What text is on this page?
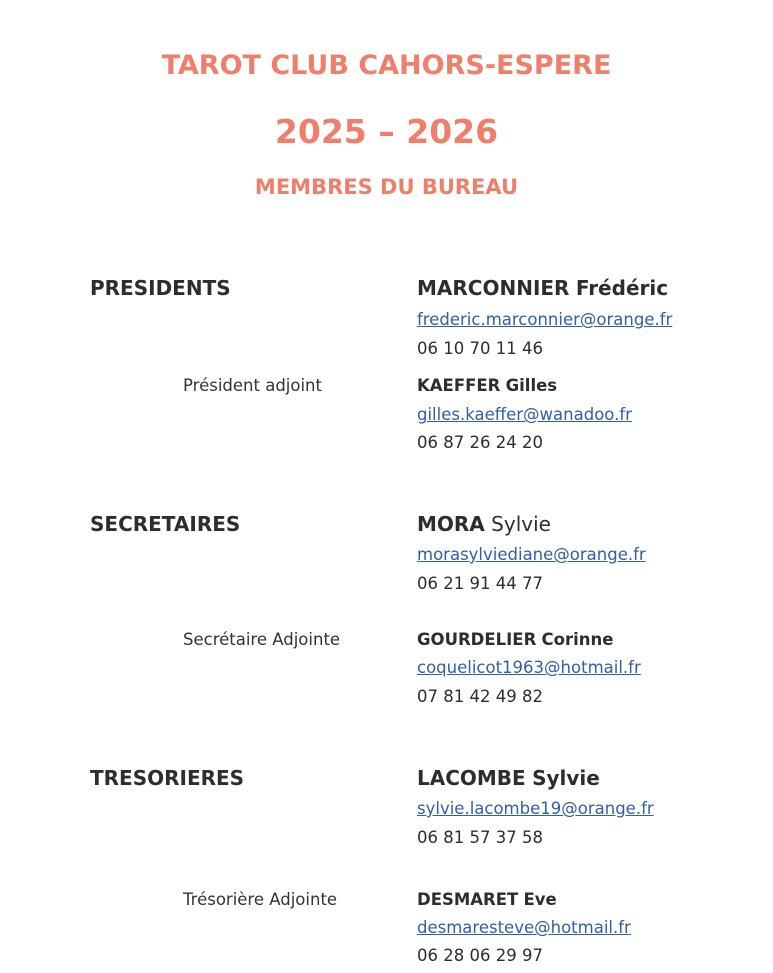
TAROT CLUB CAHORS-ESPERE
2025 – 2026
MEMBRES DU BUREAU
PRESIDENTS	MARCONNIER Frédéric
frederic.marconnier@orange.fr
06 10 70 11 46
Président adjoint	KAEFFER Gilles
gilles.kaeffer@wanadoo.fr
06 87 26 24 20
SECRETAIRES	MORA Sylvie
morasylviediane@orange.fr
06 21 91 44 77
Secrétaire Adjointe	GOURDELIER Corinne
coquelicot1963@hotmail.fr
07 81 42 49 82
TRESORIERES	LACOMBE Sylvie
sylvie.lacombe19@orange.fr
06 81 57 37 58
Trésorière Adjointe	DESMARET Eve
desmaresteve@hotmail.fr
06 28 06 29 97
